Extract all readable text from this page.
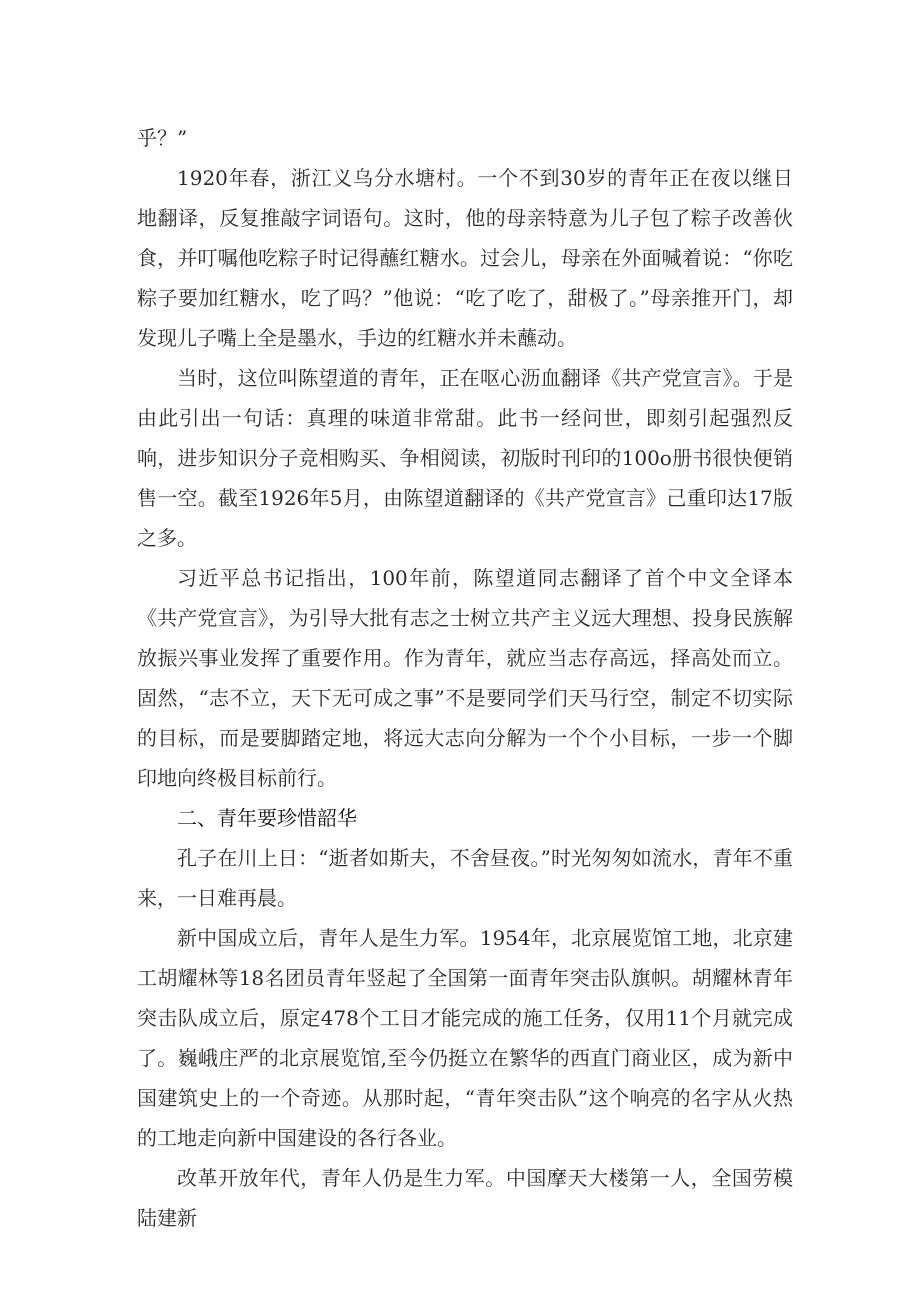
乎？”

1920年春，浙江义乌分水塘村。一个不到30岁的青年正在夜以继日地翻译，反复推敲字词语句。这时，他的母亲特意为儿子包了粽子改善伙食，并叮嘱他吃粽子时记得蘸红糖水。过会儿，母亲在外面喊着说：“你吃粽子要加红糖水，吃了吗？”他说：“吃了吃了，甜极了。”母亲推开门，却发现儿子嘴上全是墨水，手边的红糖水并未蘸动。

当时，这位叫陈望道的青年，正在呕心沥血翻译《共产党宣言》。于是由此引出一句话：真理的味道非常甜。此书一经问世，即刻引起强烈反响，进步知识分子竞相购买、争相阅读，初版时刊印的100o册书很快便销售一空。截至1926年5月，由陈望道翻译的《共产党宣言》己重印达17版之多。

习近平总书记指出，100年前，陈望道同志翻译了首个中文全译本《共产党宣言》，为引导大批有志之士树立共产主义远大理想、投身民族解放振兴事业发挥了重要作用。作为青年，就应当志存高远，择高处而立。固然，“志不立，天下无可成之事”不是要同学们天马行空，制定不切实际的目标，而是要脚踏定地，将远大志向分解为一个个小目标，一步一个脚印地向终极目标前行。

二、青年要珍惜韶华

孔子在川上日：“逝者如斯夫，不舍昼夜。”时光匆匆如流水，青年不重来，一日难再晨。

新中国成立后，青年人是生力军。1954年，北京展览馆工地，北京建工胡耀林等18名团员青年竖起了全国第一面青年突击队旗帜。胡耀林青年突击队成立后，原定478个工日才能完成的施工任务，仅用11个月就完成了。巍峨庄严的北京展览馆,至今仍挺立在繁华的西直门商业区，成为新中国建筑史上的一个奇迹。从那时起，“青年突击队”这个响亮的名字从火热的工地走向新中国建设的各行各业。

改革开放年代，青年人仍是生力军。中国摩天大楼第一人，全国劳模陆建新
